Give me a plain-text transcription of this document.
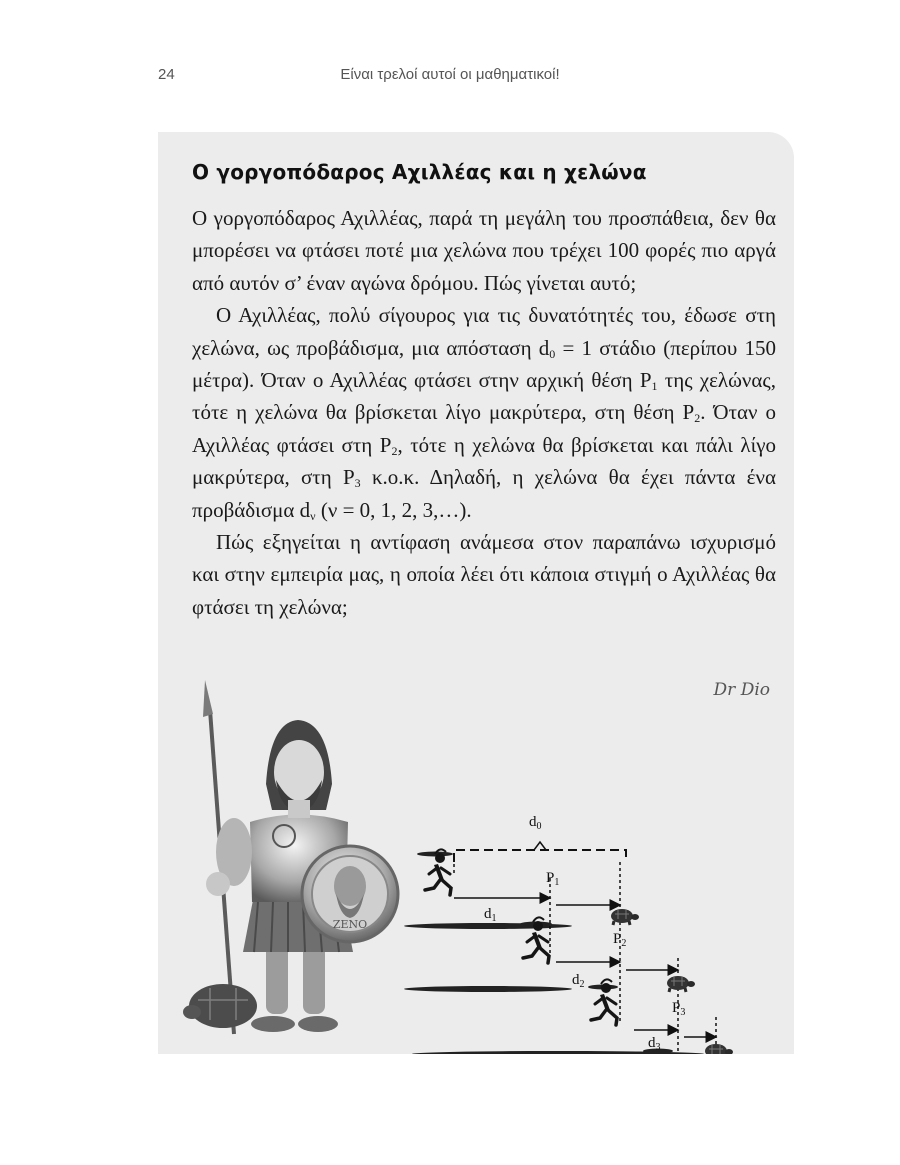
24	Είναι τρελοί αυτοί οι μαθηματικοί!
Ο γοργοπόδαρος Αχιλλέας και η χελώνα

Ο γοργοπόδαρος Αχιλλέας, παρά τη μεγάλη του προσπάθεια, δεν θα μπορέσει να φτάσει ποτέ μια χελώνα που τρέχει 100 φορές πιο αργά από αυτόν σ’ έναν αγώνα δρόμου. Πώς γίνεται αυτό;

Ο Αχιλλέας, πολύ σίγουρος για τις δυνατότητές του, έδωσε στη χελώνα, ως προβάδισμα, μια απόσταση $d_0 = 1$ στάδιο (περίπου 150 μέτρα). Όταν ο Αχιλλέας φτάσει στην αρχική θέση $P_1$ της χελώνας, τότε η χελώνα θα βρίσκεται λίγο μακρύτερα, στη θέση $P_2$. Όταν ο Αχιλλέας φτάσει στη $P_2$, τότε η χελώνα θα βρίσκεται και πάλι λίγο μακρύτερα, στη $P_3$ κ.ο.κ. Δηλαδή, η χελώνα θα έχει πάντα ένα προβάδισμα $d_\nu$ (ν = 0, 1, 2, 3,…).

Πώς εξηγείται η αντίφαση ανάμεσα στον παραπάνω ισχυρισμό και στην εμπειρία μας, η οποία λέει ότι κάποια στιγμή ο Αχιλλέας θα φτάσει τη χελώνα;

Dr Dio
ZENO
$d_0$
$d_1$
$P_1$
$P_2$
$d_2$
$P_3$
$d_3$
